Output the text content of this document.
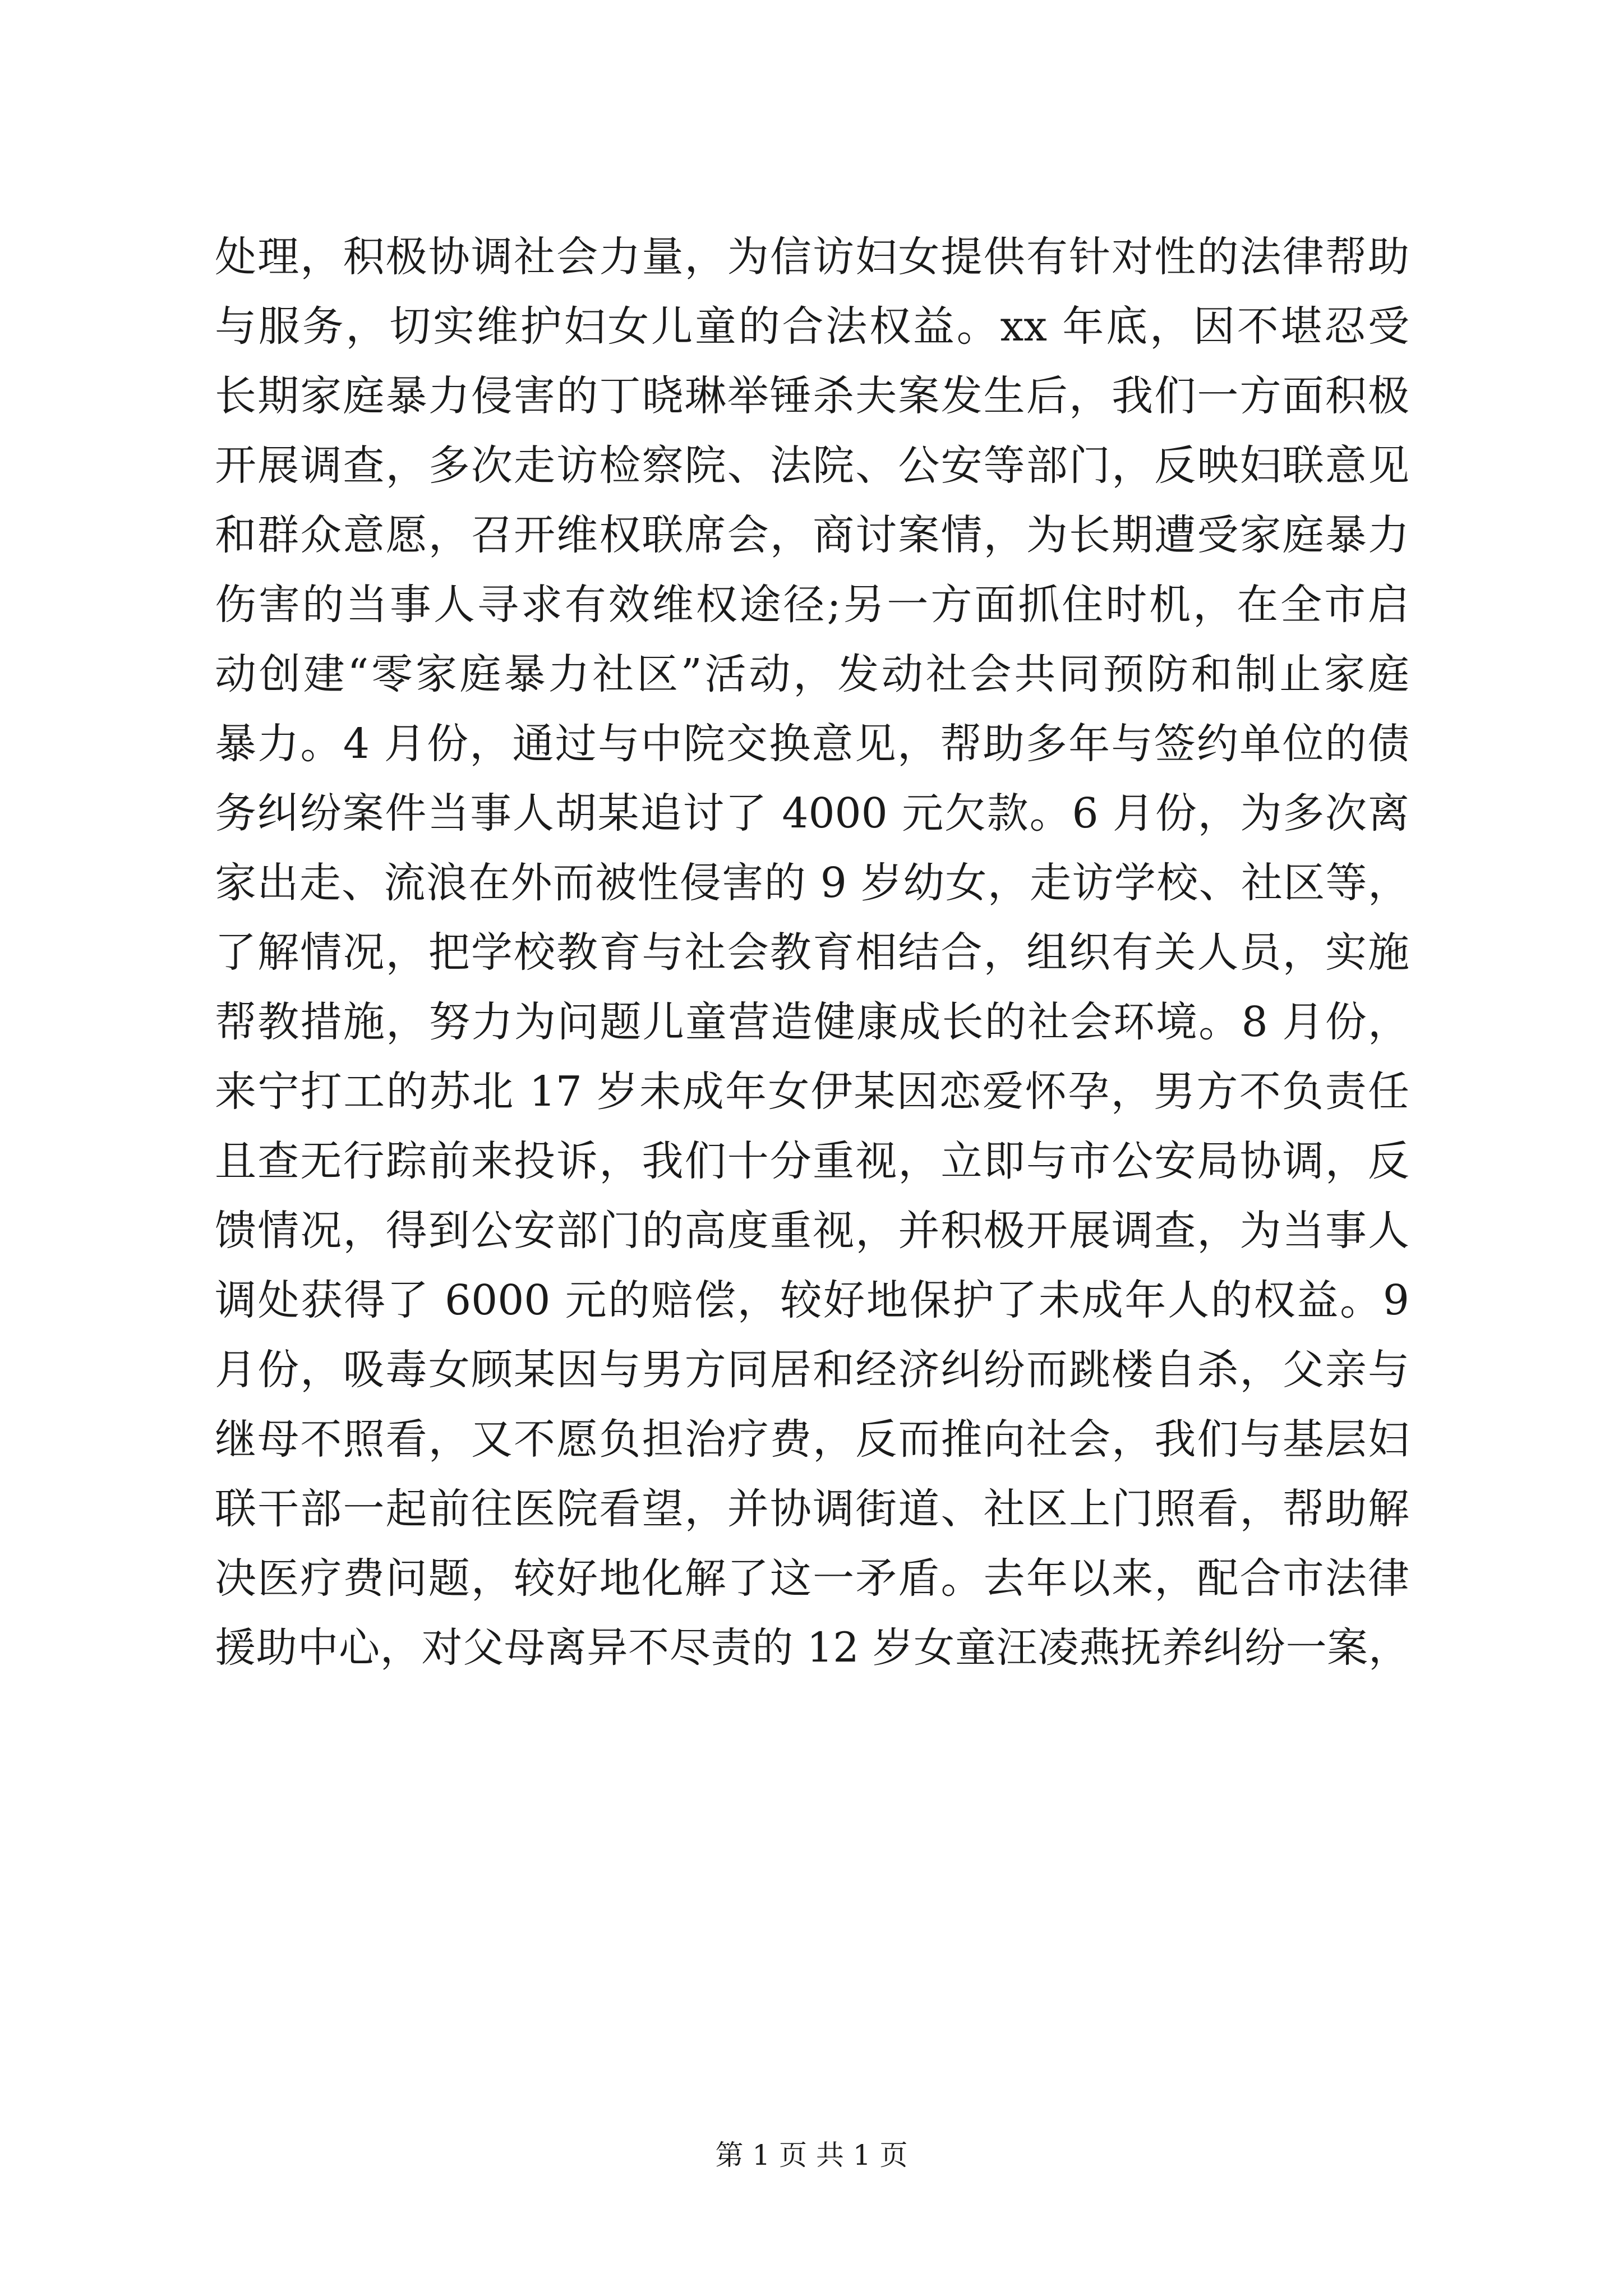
处理，积极协调社会力量，为信访妇女提供有针对性的法律帮助
与服务，切实维护妇女儿童的合法权益。xx 年底，因不堪忍受
长期家庭暴力侵害的丁晓琳举锤杀夫案发生后，我们一方面积极
开展调查，多次走访检察院、法院、公安等部门，反映妇联意见
和群众意愿，召开维权联席会，商讨案情，为长期遭受家庭暴力
伤害的当事人寻求有效维权途径;另一方面抓住时机，在全市启
动创建“零家庭暴力社区”活动，发动社会共同预防和制止家庭
暴力。4 月份，通过与中院交换意见，帮助多年与签约单位的债
务纠纷案件当事人胡某追讨了 4000 元欠款。6 月份，为多次离
家出走、流浪在外而被性侵害的 9 岁幼女，走访学校、社区等，
了解情况，把学校教育与社会教育相结合，组织有关人员，实施
帮教措施，努力为问题儿童营造健康成长的社会环境。8 月份，
来宁打工的苏北 17 岁未成年女伊某因恋爱怀孕，男方不负责任
且查无行踪前来投诉，我们十分重视，立即与市公安局协调，反
馈情况，得到公安部门的高度重视，并积极开展调查，为当事人
调处获得了 6000 元的赔偿，较好地保护了未成年人的权益。9
月份，吸毒女顾某因与男方同居和经济纠纷而跳楼自杀，父亲与
继母不照看，又不愿负担治疗费，反而推向社会，我们与基层妇
联干部一起前往医院看望，并协调街道、社区上门照看，帮助解
决医疗费问题，较好地化解了这一矛盾。去年以来，配合市法律
援助中心，对父母离异不尽责的 12 岁女童汪凌燕抚养纠纷一案，
第 1 页 共 1 页
